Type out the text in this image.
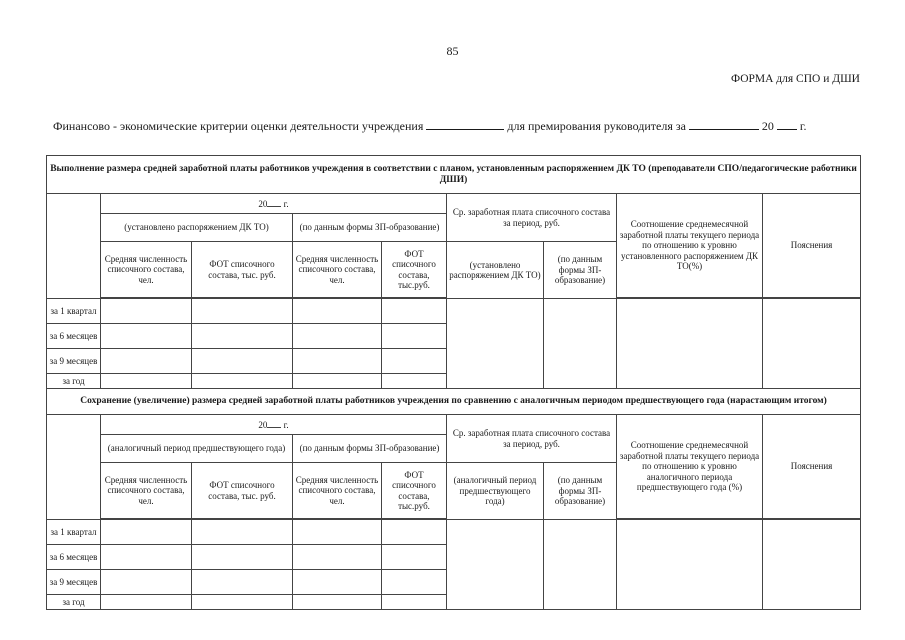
85
ФОРМА для СПО и ДШИ
Финансово - экономические критерии оценки деятельности учреждения	для премирования руководителя за	20 г.
Выполнение размера средней заработной платы работников учреждения в соответствии с планом, установленным распоряжением ДК ТО (преподаватели СПО/педагогические работники ДШИ)								
	20 г.				Ср. заработная плата списочного состава за период, руб.		Соотношение среднемесячной заработной платы текущего периода по отношению к уровню установленного распоряжением ДК ТО(%)	Пояснения
	(установлено распоряжением ДК ТО)		(по данным формы ЗП-образование)					
	Средняя численность списочного состава, чел.	ФОТ списочного состава, тыс. руб.	Средняя численность списочного состава, чел.	ФОТ списочного состава, тыс.руб.	(установлено распоряжением ДК ТО)	(по данным формы ЗП-образование)		

за 1 квартал								
за 6 месяцев								
за 9 месяцев								
за год								
Сохранение (увеличение) размера средней заработной платы работников учреждения по сравнению с аналогичным периодом предшествующего года (нарастающим итогом)								
	20 г.				Ср. заработная плата списочного состава за период, руб.		Соотношение среднемесячной заработной платы текущего периода по отношению к уровню аналогичного периода предшествующего года (%)	Пояснения
	(аналогичный период предшествующего года)		(по данным формы ЗП-образование)					
	Средняя численность списочного состава, чел.	ФОТ списочного состава, тыс. руб.	Средняя численность списочного состава, чел.	ФОТ списочного состава, тыс.руб.	(аналогичный период предшествующего года)	(по данным формы ЗП-образование)		

за 1 квартал								
за 6 месяцев								
за 9 месяцев								
за год								
